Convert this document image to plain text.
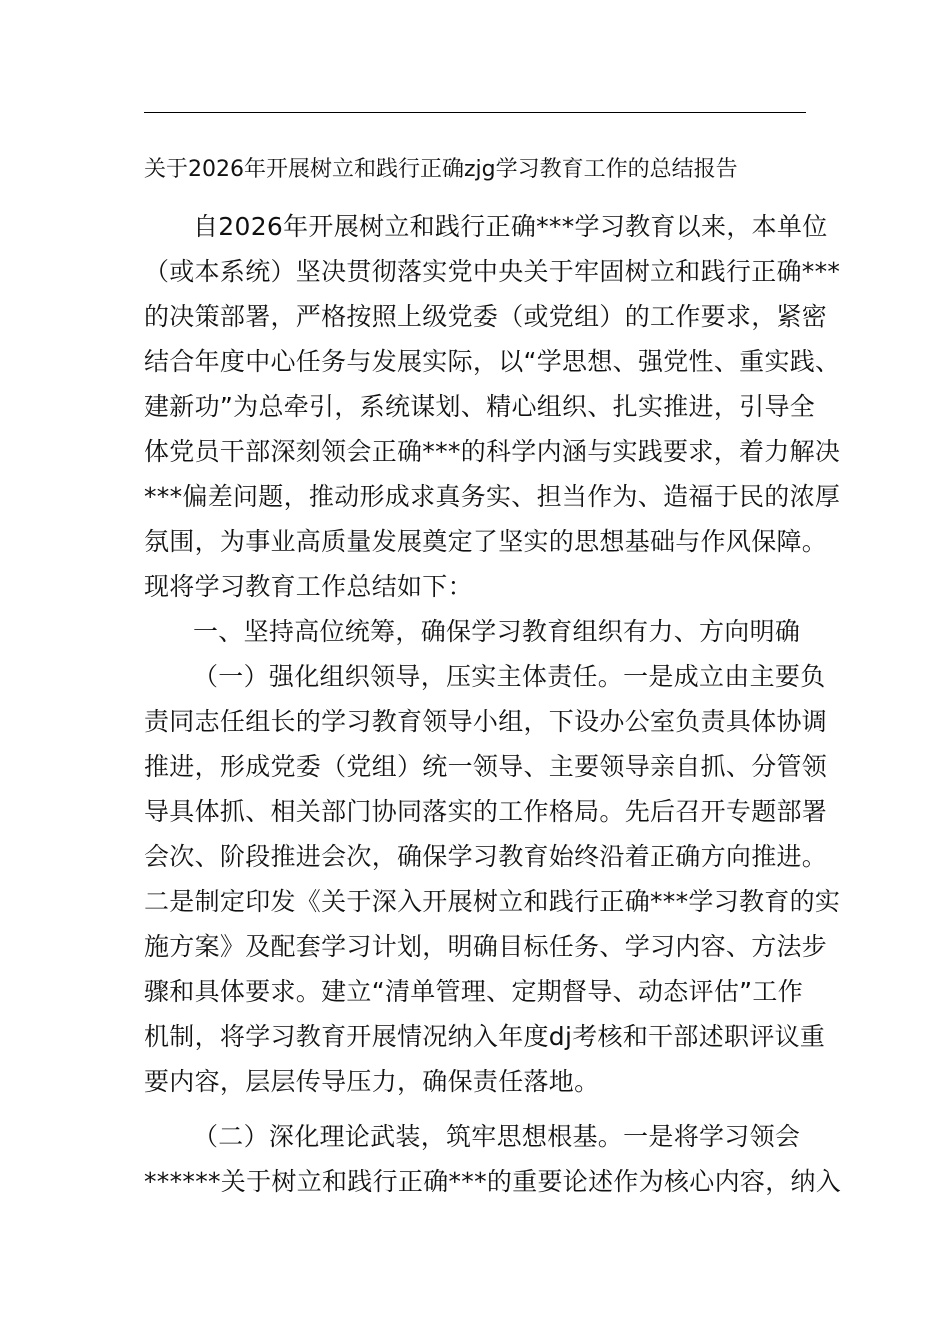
关于2026年开展树立和践行正确zjg学习教育工作的总结报告
自2026年开展树立和践行正确***学习教育以来，本单位
（或本系统）坚决贯彻落实党中央关于牢固树立和践行正确***
的决策部署，严格按照上级党委（或党组）的工作要求，紧密
结合年度中心任务与发展实际，以“学思想、强党性、重实践、
建新功”为总牵引，系统谋划、精心组织、扎实推进，引导全
体党员干部深刻领会正确***的科学内涵与实践要求，着力解决
***偏差问题，推动形成求真务实、担当作为、造福于民的浓厚
氛围，为事业高质量发展奠定了坚实的思想基础与作风保障。
现将学习教育工作总结如下：
一、坚持高位统筹，确保学习教育组织有力、方向明确
（一）强化组织领导，压实主体责任。一是成立由主要负
责同志任组长的学习教育领导小组，下设办公室负责具体协调
推进，形成党委（党组）统一领导、主要领导亲自抓、分管领
导具体抓、相关部门协同落实的工作格局。先后召开专题部署
会次、阶段推进会次，确保学习教育始终沿着正确方向推进。
二是制定印发《关于深入开展树立和践行正确***学习教育的实
施方案》及配套学习计划，明确目标任务、学习内容、方法步
骤和具体要求。建立“清单管理、定期督导、动态评估”工作
机制，将学习教育开展情况纳入年度dj考核和干部述职评议重
要内容，层层传导压力，确保责任落地。
（二）深化理论武装，筑牢思想根基。一是将学习领会
******关于树立和践行正确***的重要论述作为核心内容，纳入
